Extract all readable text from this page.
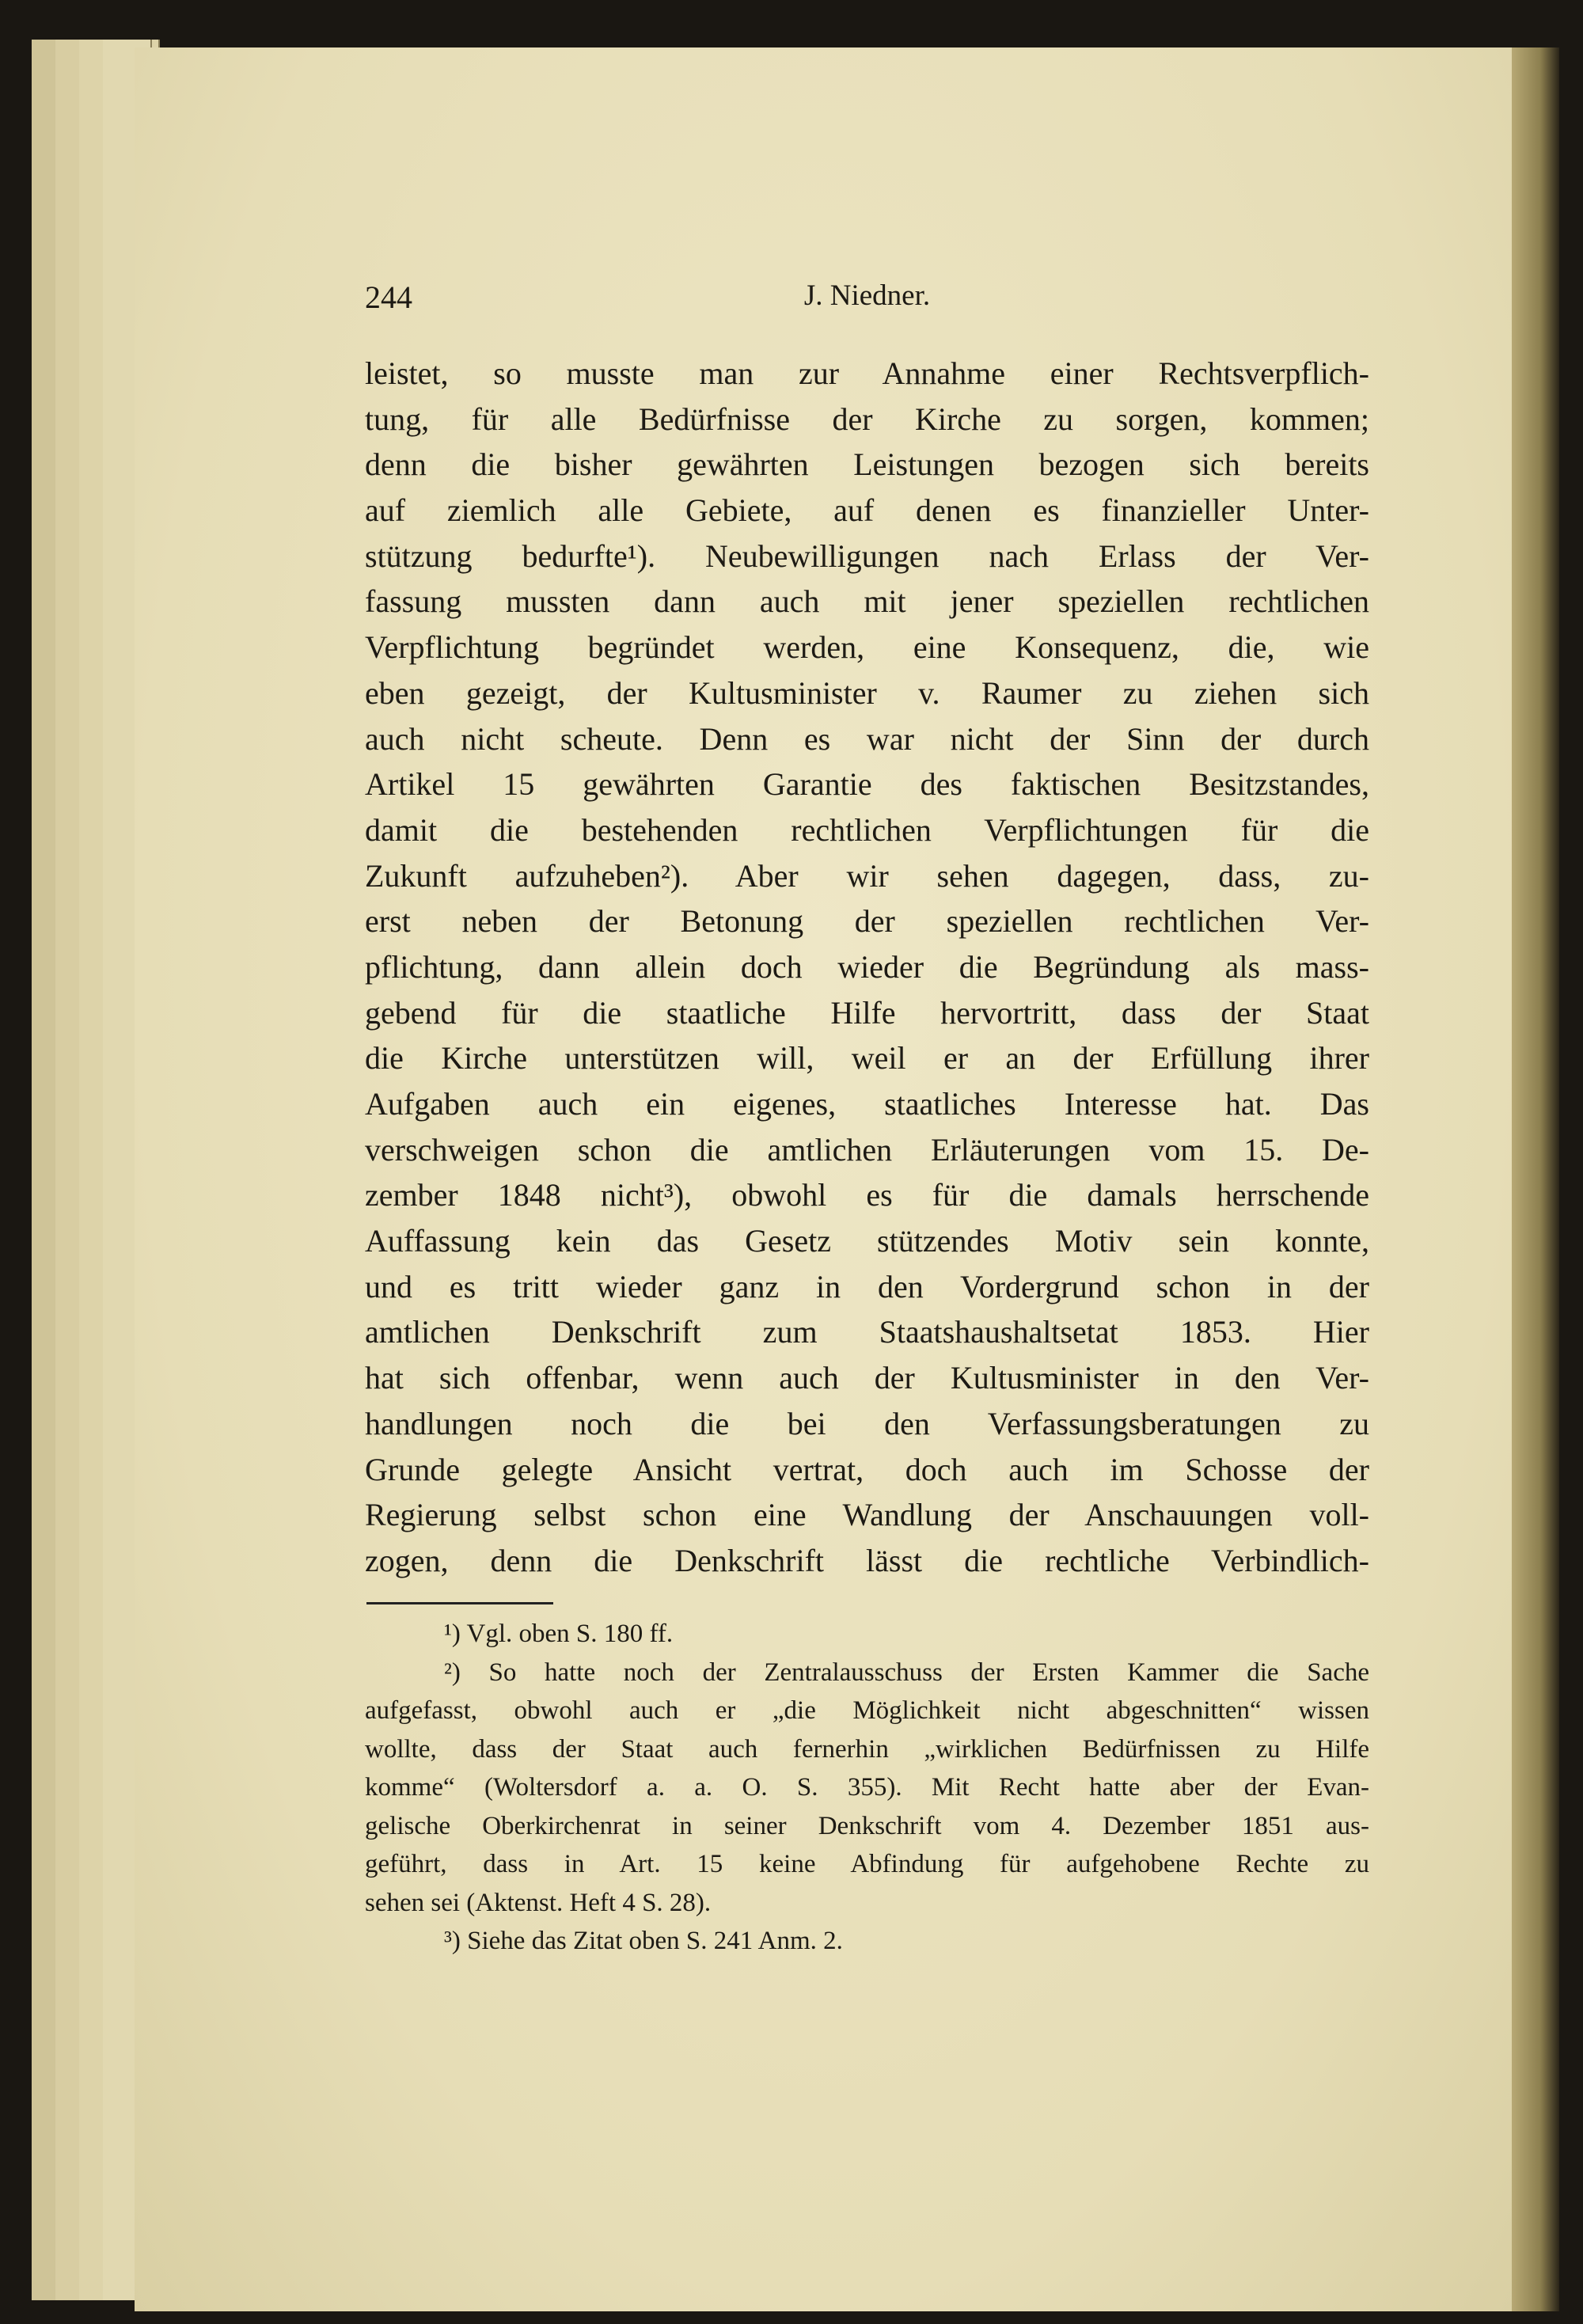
244	J. Niedner.
leistet, so musste man zur Annahme einer Rechtsverpflich-
tung, für alle Bedürfnisse der Kirche zu sorgen, kommen;
denn die bisher gewährten Leistungen bezogen sich bereits
auf ziemlich alle Gebiete, auf denen es finanzieller Unter-
stützung bedurfte¹). Neubewilligungen nach Erlass der Ver-
fassung mussten dann auch mit jener speziellen rechtlichen
Verpflichtung begründet werden, eine Konsequenz, die, wie
eben gezeigt, der Kultusminister v. Raumer zu ziehen sich
auch nicht scheute. Denn es war nicht der Sinn der durch
Artikel 15 gewährten Garantie des faktischen Besitzstandes,
damit die bestehenden rechtlichen Verpflichtungen für die
Zukunft aufzuheben²). Aber wir sehen dagegen, dass, zu-
erst neben der Betonung der speziellen rechtlichen Ver-
pflichtung, dann allein doch wieder die Begründung als mass-
gebend für die staatliche Hilfe hervortritt, dass der Staat
die Kirche unterstützen will, weil er an der Erfüllung ihrer
Aufgaben auch ein eigenes, staatliches Interesse hat. Das
verschweigen schon die amtlichen Erläuterungen vom 15. De-
zember 1848 nicht³), obwohl es für die damals herrschende
Auffassung kein das Gesetz stützendes Motiv sein konnte,
und es tritt wieder ganz in den Vordergrund schon in der
amtlichen Denkschrift zum Staatshaushaltsetat 1853. Hier
hat sich offenbar, wenn auch der Kultusminister in den Ver-
handlungen noch die bei den Verfassungsberatungen zu
Grunde gelegte Ansicht vertrat, doch auch im Schosse der
Regierung selbst schon eine Wandlung der Anschauungen voll-
zogen, denn die Denkschrift lässt die rechtliche Verbindlich-
¹) Vgl. oben S. 180 ff.
²) So hatte noch der Zentralausschuss der Ersten Kammer die Sache
aufgefasst, obwohl auch er „die Möglichkeit nicht abgeschnitten“ wissen
wollte, dass der Staat auch fernerhin „wirklichen Bedürfnissen zu Hilfe
komme“ (Woltersdorf a. a. O. S. 355). Mit Recht hatte aber der Evan-
gelische Oberkirchenrat in seiner Denkschrift vom 4. Dezember 1851 aus-
geführt, dass in Art. 15 keine Abfindung für aufgehobene Rechte zu
sehen sei (Aktenst. Heft 4 S. 28).
³) Siehe das Zitat oben S. 241 Anm. 2.
